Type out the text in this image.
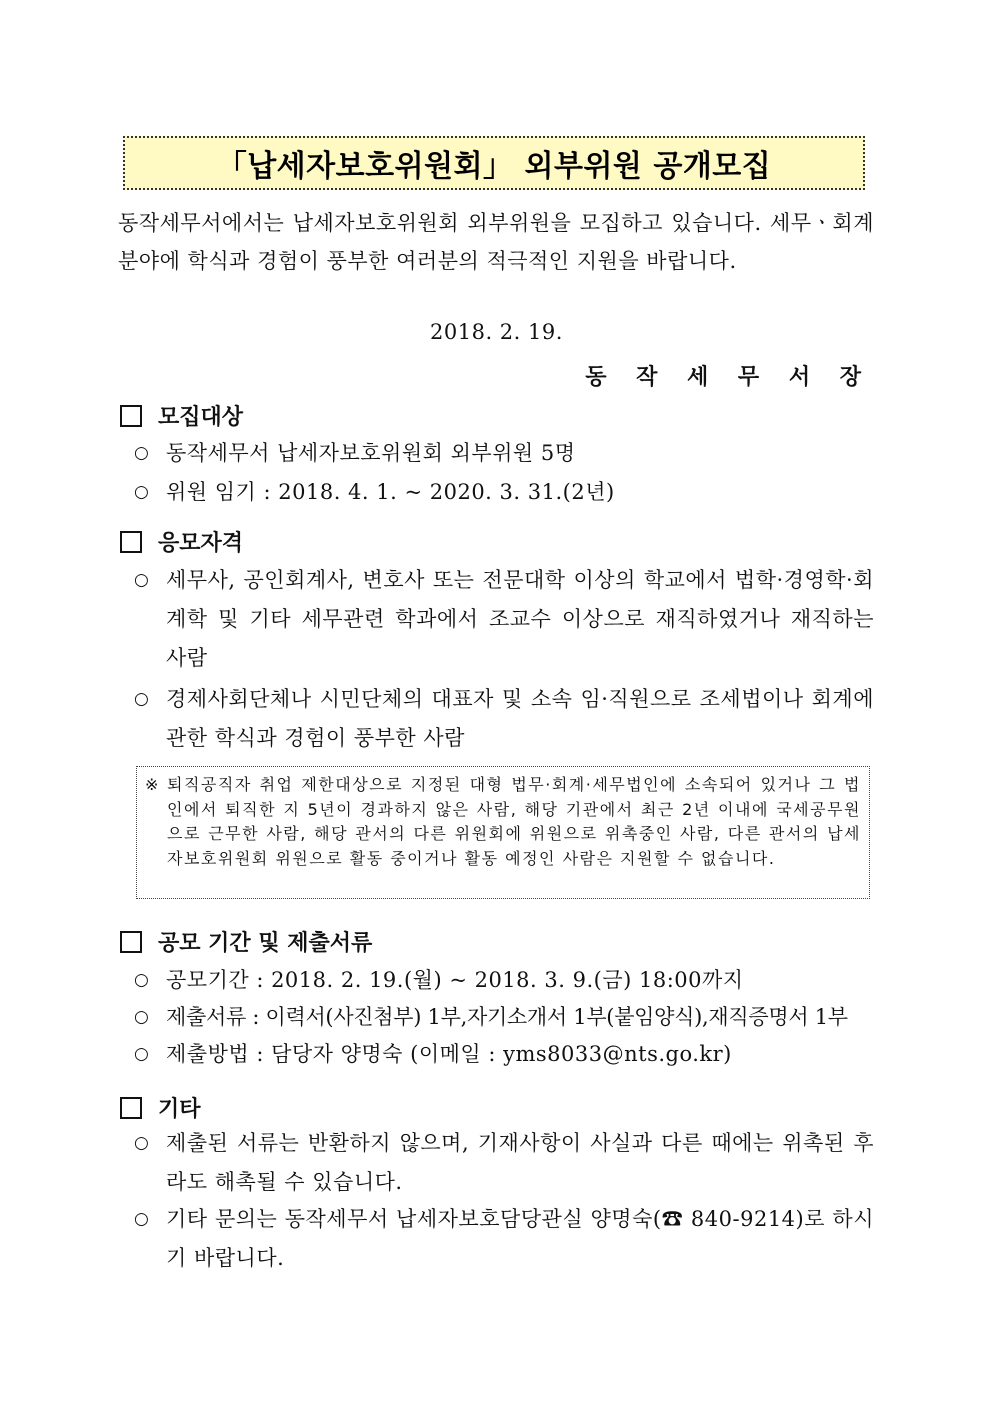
「납세자보호위원회」 외부위원 공개모집
동작세무서에서는 납세자보호위원회 외부위원을 모집하고 있습니다. 세무ㆍ회계분야에 학식과 경험이 풍부한 여러분의 적극적인 지원을 바랍니다.
2018. 2. 19.
동 작 세 무 서 장
모집대상
○ 동작세무서 납세자보호위원회 외부위원 5명
○ 위원 임기 : 2018. 4. 1. ~ 2020. 3. 31.(2년)
응모자격
○ 세무사, 공인회계사, 변호사 또는 전문대학 이상의 학교에서 법학·경영학·회계학 및 기타 세무관련 학과에서 조교수 이상으로 재직하였거나 재직하는 사람
○ 경제사회단체나 시민단체의 대표자 및 소속 임·직원으로 조세법이나 회계에 관한 학식과 경험이 풍부한 사람
※ 퇴직공직자 취업 제한대상으로 지정된 대형 법무·회계·세무법인에 소속되어 있거나 그 법인에서 퇴직한 지 5년이 경과하지 않은 사람, 해당 기관에서 최근 2년 이내에 국세공무원으로 근무한 사람, 해당 관서의 다른 위원회에 위원으로 위촉중인 사람, 다른 관서의 납세자보호위원회 위원으로 활동 중이거나 활동 예정인 사람은 지원할 수 없습니다.
공모 기간 및 제출서류
○ 공모기간 : 2018. 2. 19.(월) ~ 2018. 3. 9.(금) 18:00까지
○ 제출서류 : 이력서(사진첨부) 1부,자기소개서 1부(붙임양식),재직증명서 1부
○ 제출방법 : 담당자 양명숙 (이메일 : yms8033@nts.go.kr)
기타
○ 제출된 서류는 반환하지 않으며, 기재사항이 사실과 다른 때에는 위촉된 후라도 해촉될 수 있습니다.
○ 기타 문의는 동작세무서 납세자보호담당관실 양명숙(☎ 840-9214)로 하시기 바랍니다.
